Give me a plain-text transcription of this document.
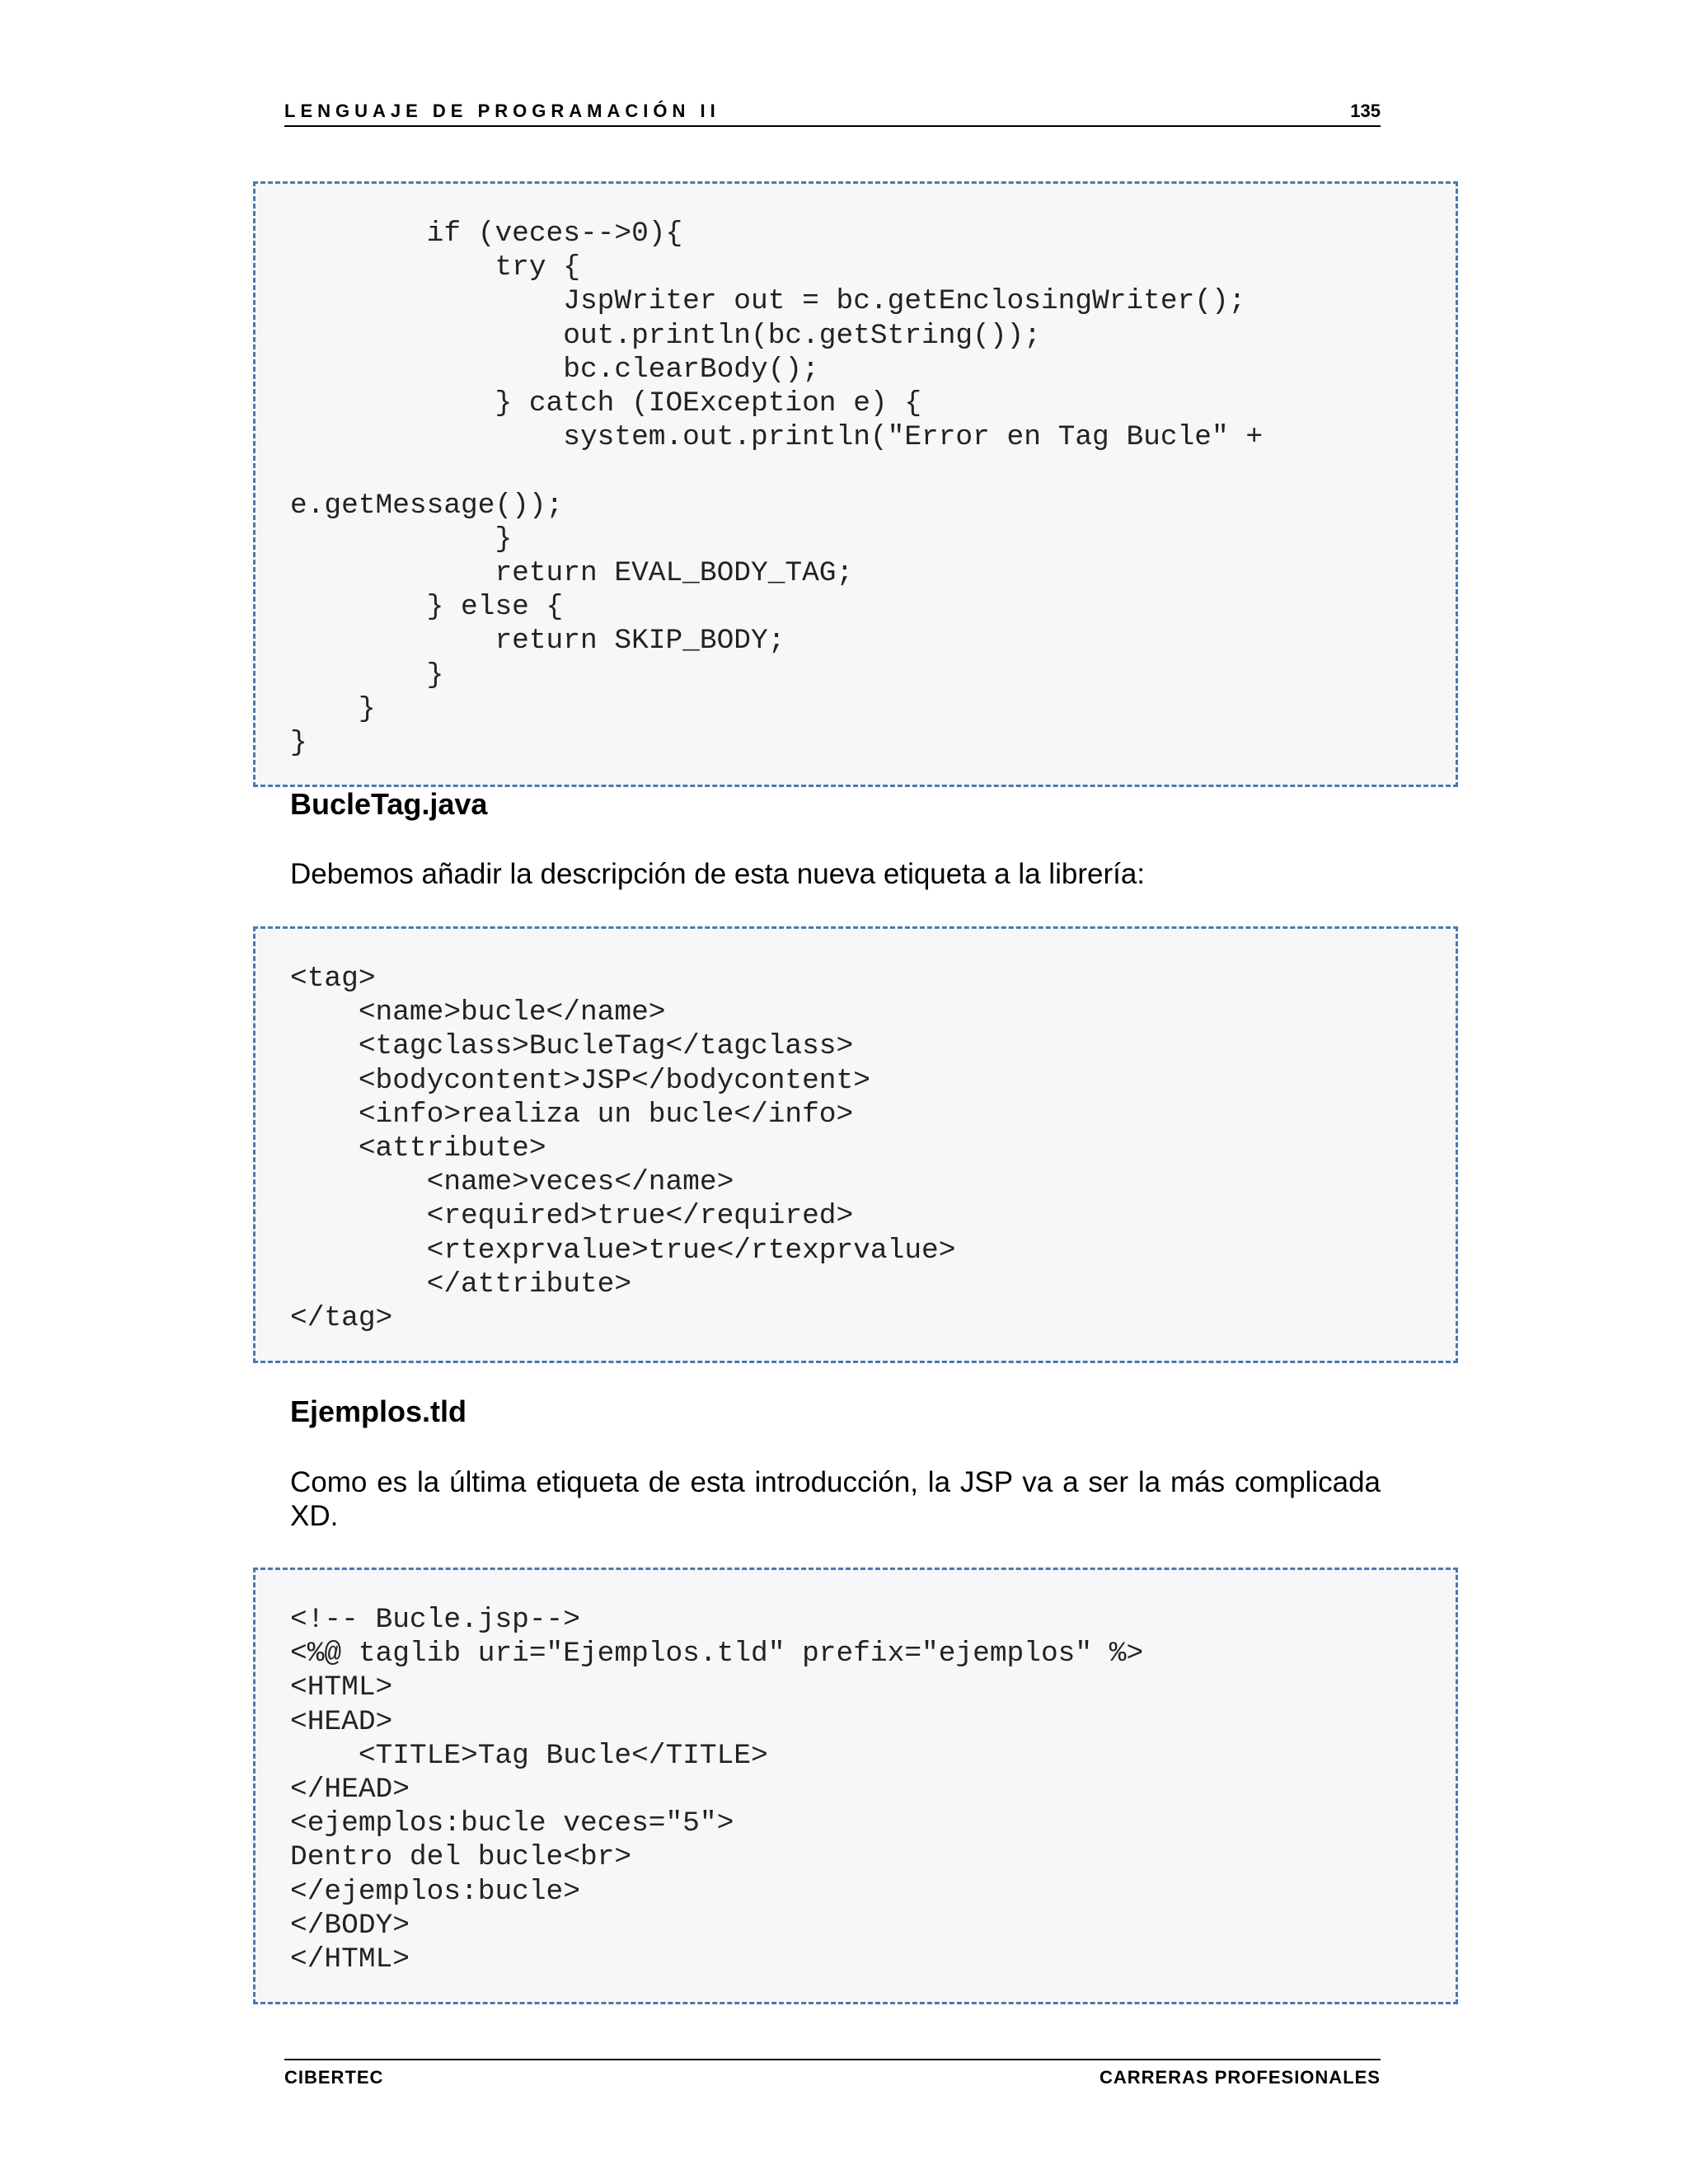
LENGUAJE DE PROGRAMACIÓN II	135
if (veces-->0){
try {
JspWriter out = bc.getEnclosingWriter();
out.println(bc.getString());
bc.clearBody();
} catch (IOException e) {
system.out.println("Error en Tag Bucle" +

e.getMessage());
}
return EVAL_BODY_TAG;
} else {
return SKIP_BODY;
}
}
}
BucleTag.java

Debemos añadir la descripción de esta nueva etiqueta a la librería:

<tag>
<name>bucle</name>
<tagclass>BucleTag</tagclass>
<bodycontent>JSP</bodycontent>
<info>realiza un bucle</info>
<attribute>
<name>veces</name>
<required>true</required>
<rtexprvalue>true</rtexprvalue>
</attribute>
</tag>
Ejemplos.tld

Como es la última etiqueta de esta introducción, la JSP va a ser la más complicada XD.

<!-- Bucle.jsp-->
<%@ taglib uri="Ejemplos.tld" prefix="ejemplos" %>
<HTML>
<HEAD>
<TITLE>Tag Bucle</TITLE>
</HEAD>
<ejemplos:bucle veces="5">
Dentro del bucle<br>
</ejemplos:bucle>
</BODY>
</HTML>
CIBERTEC	CARRERAS PROFESIONALES
